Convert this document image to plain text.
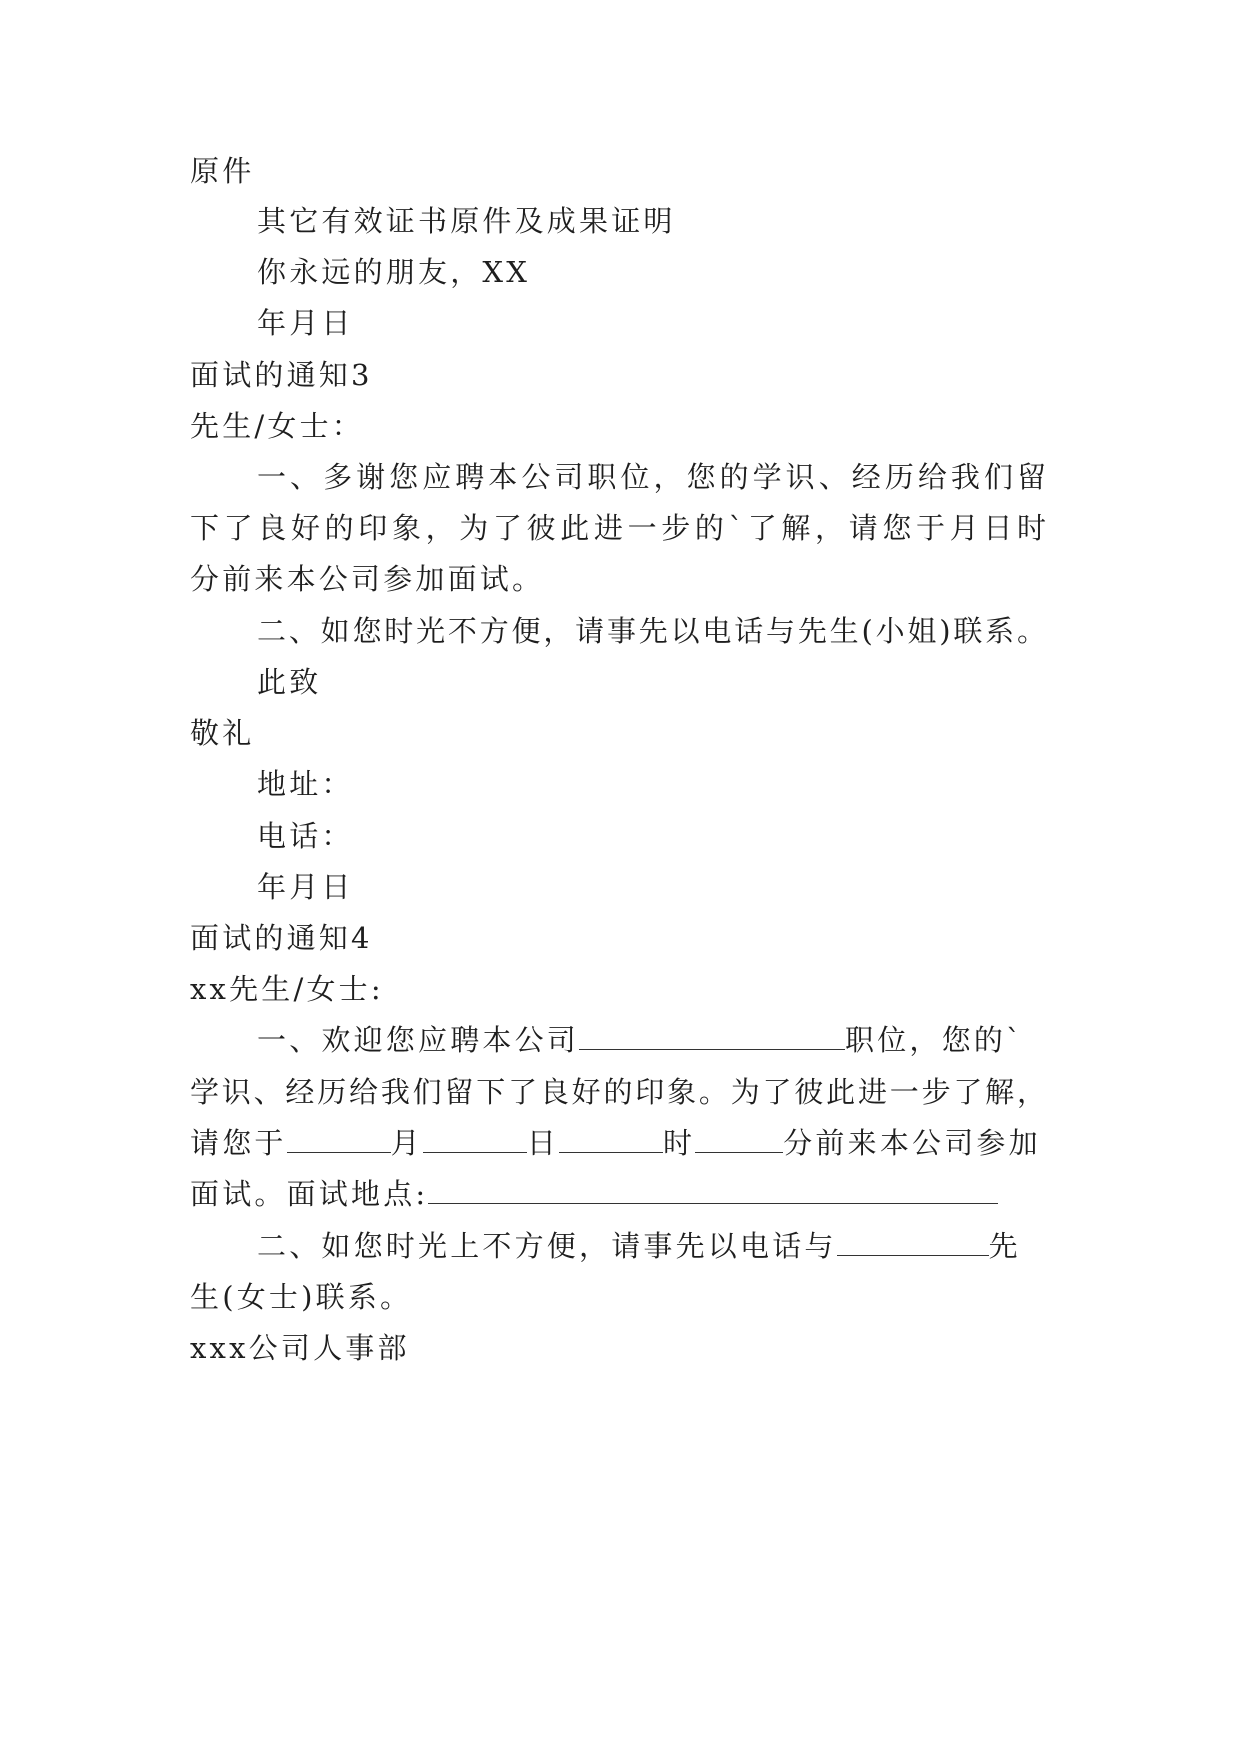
原件
其它有效证书原件及成果证明
你永远的朋友，XX
年月日
面试的通知3
先生/女士：
一、多谢您应聘本公司职位，您的学识、经历给我们留
下了良好的印象，为了彼此进一步的`了解，请您于月日时
分前来本公司参加面试。
二、如您时光不方便，请事先以电话与先生(小姐)联系。
此致
敬礼
地址：
电话：
年月日
面试的通知4
xx先生/女士:
一、欢迎您应聘本公司	职位，您的`
学识、经历给我们留下了良好的印象。为了彼此进一步了解，
请您于	月	日	时	分前来本公司参加
面试。面试地点:
二、如您时光上不方便，请事先以电话与	先
生(女士)联系。
xxx公司人事部
